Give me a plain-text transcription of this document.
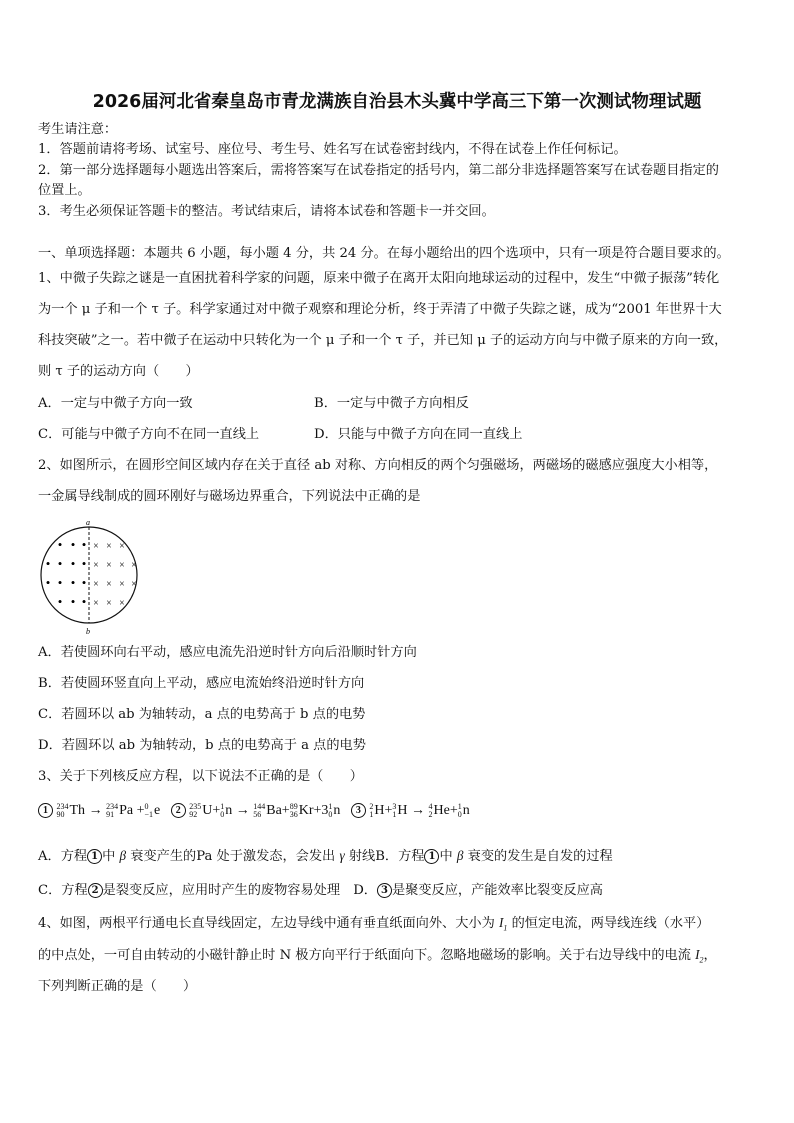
2026届河北省秦皇岛市青龙满族自治县木头冀中学高三下第一次测试物理试题
考生请注意：
1．答题前请将考场、试室号、座位号、考生号、姓名写在试卷密封线内，不得在试卷上作任何标记。
2．第一部分选择题每小题选出答案后，需将答案写在试卷指定的括号内，第二部分非选择题答案写在试卷题目指定的
位置上。
3．考生必须保证答题卡的整洁。考试结束后，请将本试卷和答题卡一并交回。
一、单项选择题：本题共 6 小题，每小题 4 分，共 24 分。在每小题给出的四个选项中，只有一项是符合题目要求的。
1、中微子失踪之谜是一直困扰着科学家的问题，原来中微子在离开太阳向地球运动的过程中，发生“中微子振荡”转化
为一个 μ 子和一个 τ 子。科学家通过对中微子观察和理论分析，终于弄清了中微子失踪之谜，成为“2001 年世界十大
科技突破”之一。若中微子在运动中只转化为一个 μ 子和一个 τ 子，并已知 μ 子的运动方向与中微子原来的方向一致，
则 τ 子的运动方向（　　）
A．一定与中微子方向一致	B．一定与中微子方向相反
C．可能与中微子方向不在同一直线上	D．只能与中微子方向在同一直线上
2、如图所示，在圆形空间区域内存在关于直径 ab 对称、方向相反的两个匀强磁场，两磁场的磁感应强度大小相等，
一金属导线制成的圆环刚好与磁场边界重合，下列说法中正确的是
a
b
• • •
• • • •
• • • •
• • •
× × ×
× × × ×
× × × ×
× × ×
A．若使圆环向右平动，感应电流先沿逆时针方向后沿顺时针方向
B．若使圆环竖直向上平动，感应电流始终沿逆时针方向
C．若圆环以 ab 为轴转动，a 点的电势高于 b 点的电势
D．若圆环以 ab 为轴转动，b 点的电势高于 a 点的电势
3、关于下列核反应方程，以下说法不正确的是（　　）
1 234
90 Th → 234
91 Pa + 0
−1 e 2 235
92 U+ 1
0 n → 144
56 Ba+ 89
36 Kr+3 1
0 n 3 2
1 H+ 3
1 H → 4
2 He+ 1
0 n
A．方程 1 中 β 衰变产生的Pa 处于激发态，会发出 γ 射线B．方程 1 中 β 衰变的发生是自发的过程
C．方程 2 是裂变反应，应用时产生的废物容易处理　D． 3 是聚变反应，产能效率比裂变反应高
4、如图，两根平行通电长直导线固定，左边导线中通有垂直纸面向外、大小为 $I_1$ 的恒定电流，两导线连线（水平）
的中点处，一可自由转动的小磁针静止时 N 极方向平行于纸面向下。忽略地磁场的影响。关于右边导线中的电流 $I_2$，
下列判断正确的是（　　）
